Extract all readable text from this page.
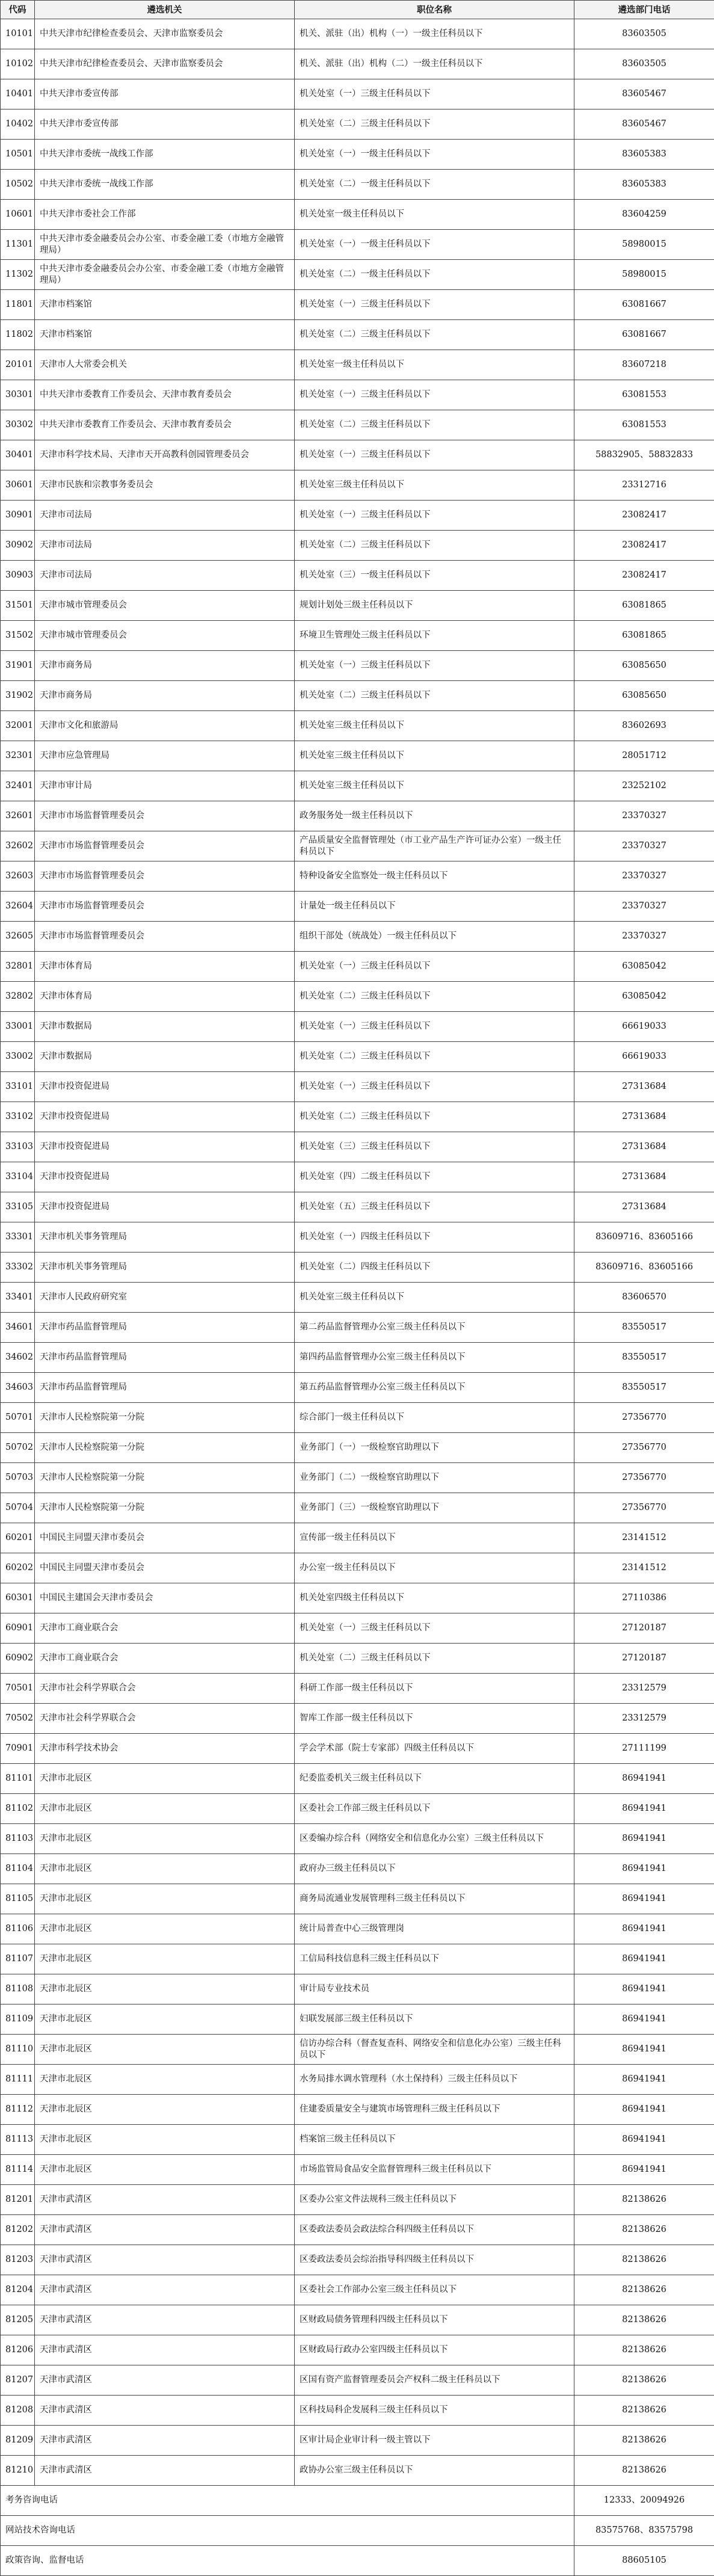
代码	遴选机关	职位名称	遴选部门电话
10101	中共天津市纪律检查委员会、天津市监察委员会	机关、派驻（出）机构（一）一级主任科员以下	83603505
10102	中共天津市纪律检查委员会、天津市监察委员会	机关、派驻（出）机构（二）一级主任科员以下	83603505
10401	中共天津市委宣传部	机关处室（一）三级主任科员以下	83605467
10402	中共天津市委宣传部	机关处室（二）三级主任科员以下	83605467
10501	中共天津市委统一战线工作部	机关处室（一）一级主任科员以下	83605383
10502	中共天津市委统一战线工作部	机关处室（二）一级主任科员以下	83605383
10601	中共天津市委社会工作部	机关处室一级主任科员以下	83604259
11301	中共天津市委金融委员会办公室、市委金融工委（市地方金融管理局）	机关处室（一）一级主任科员以下	58980015
11302	中共天津市委金融委员会办公室、市委金融工委（市地方金融管理局）	机关处室（二）一级主任科员以下	58980015
11801	天津市档案馆	机关处室（一）三级主任科员以下	63081667
11802	天津市档案馆	机关处室（二）三级主任科员以下	63081667
20101	天津市人大常委会机关	机关处室一级主任科员以下	83607218
30301	中共天津市委教育工作委员会、天津市教育委员会	机关处室（一）三级主任科员以下	63081553
30302	中共天津市委教育工作委员会、天津市教育委员会	机关处室（二）三级主任科员以下	63081553
30401	天津市科学技术局、天津市天开高教科创园管理委员会	机关处室（一）三级主任科员以下	58832905、58832833
30601	天津市民族和宗教事务委员会	机关处室三级主任科员以下	23312716
30901	天津市司法局	机关处室（一）三级主任科员以下	23082417
30902	天津市司法局	机关处室（二）三级主任科员以下	23082417
30903	天津市司法局	机关处室（三）一级主任科员以下	23082417
31501	天津市城市管理委员会	规划计划处三级主任科员以下	63081865
31502	天津市城市管理委员会	环境卫生管理处三级主任科员以下	63081865
31901	天津市商务局	机关处室（一）三级主任科员以下	63085650
31902	天津市商务局	机关处室（二）三级主任科员以下	63085650
32001	天津市文化和旅游局	机关处室三级主任科员以下	83602693
32301	天津市应急管理局	机关处室三级主任科员以下	28051712
32401	天津市审计局	机关处室三级主任科员以下	23252102
32601	天津市市场监督管理委员会	政务服务处一级主任科员以下	23370327
32602	天津市市场监督管理委员会	产品质量安全监督管理处（市工业产品生产许可证办公室）一级主任科员以下	23370327
32603	天津市市场监督管理委员会	特种设备安全监察处一级主任科员以下	23370327
32604	天津市市场监督管理委员会	计量处一级主任科员以下	23370327
32605	天津市市场监督管理委员会	组织干部处（统战处）一级主任科员以下	23370327
32801	天津市体育局	机关处室（一）三级主任科员以下	63085042
32802	天津市体育局	机关处室（二）三级主任科员以下	63085042
33001	天津市数据局	机关处室（一）三级主任科员以下	66619033
33002	天津市数据局	机关处室（二）三级主任科员以下	66619033
33101	天津市投资促进局	机关处室（一）三级主任科员以下	27313684
33102	天津市投资促进局	机关处室（二）三级主任科员以下	27313684
33103	天津市投资促进局	机关处室（三）三级主任科员以下	27313684
33104	天津市投资促进局	机关处室（四）二级主任科员以下	27313684
33105	天津市投资促进局	机关处室（五）三级主任科员以下	27313684
33301	天津市机关事务管理局	机关处室（一）四级主任科员以下	83609716、83605166
33302	天津市机关事务管理局	机关处室（二）四级主任科员以下	83609716、83605166
33401	天津市人民政府研究室	机关处室三级主任科员以下	83606570
34601	天津市药品监督管理局	第二药品监督管理办公室三级主任科员以下	83550517
34602	天津市药品监督管理局	第四药品监督管理办公室三级主任科员以下	83550517
34603	天津市药品监督管理局	第五药品监督管理办公室三级主任科员以下	83550517
50701	天津市人民检察院第一分院	综合部门一级主任科员以下	27356770
50702	天津市人民检察院第一分院	业务部门（一）一级检察官助理以下	27356770
50703	天津市人民检察院第一分院	业务部门（二）一级检察官助理以下	27356770
50704	天津市人民检察院第一分院	业务部门（三）一级检察官助理以下	27356770
60201	中国民主同盟天津市委员会	宣传部一级主任科员以下	23141512
60202	中国民主同盟天津市委员会	办公室一级主任科员以下	23141512
60301	中国民主建国会天津市委员会	机关处室四级主任科员以下	27110386
60901	天津市工商业联合会	机关处室（一）三级主任科员以下	27120187
60902	天津市工商业联合会	机关处室（二）三级主任科员以下	27120187
70501	天津市社会科学界联合会	科研工作部一级主任科员以下	23312579
70502	天津市社会科学界联合会	智库工作部一级主任科员以下	23312579
70901	天津市科学技术协会	学会学术部（院士专家部）四级主任科员以下	27111199
81101	天津市北辰区	纪委监委机关三级主任科员以下	86941941
81102	天津市北辰区	区委社会工作部三级主任科员以下	86941941
81103	天津市北辰区	区委编办综合科（网络安全和信息化办公室）三级主任科员以下	86941941
81104	天津市北辰区	政府办三级主任科员以下	86941941
81105	天津市北辰区	商务局流通业发展管理科三级主任科员以下	86941941
81106	天津市北辰区	统计局普查中心三级管理岗	86941941
81107	天津市北辰区	工信局科技信息科三级主任科员以下	86941941
81108	天津市北辰区	审计局专业技术员	86941941
81109	天津市北辰区	妇联发展部三级主任科员以下	86941941
81110	天津市北辰区	信访办综合科（督查复查科、网络安全和信息化办公室）三级主任科员以下	86941941
81111	天津市北辰区	水务局排水调水管理科（水土保持科）三级主任科员以下	86941941
81112	天津市北辰区	住建委质量安全与建筑市场管理科三级主任科员以下	86941941
81113	天津市北辰区	档案馆三级主任科员以下	86941941
81114	天津市北辰区	市场监管局食品安全监督管理科三级主任科员以下	86941941
81201	天津市武清区	区委办公室文件法规科三级主任科员以下	82138626
81202	天津市武清区	区委政法委员会政法综合科四级主任科员以下	82138626
81203	天津市武清区	区委政法委员会综治指导科四级主任科员以下	82138626
81204	天津市武清区	区委社会工作部办公室三级主任科员以下	82138626
81205	天津市武清区	区财政局债务管理科四级主任科员以下	82138626
81206	天津市武清区	区财政局行政办公室四级主任科员以下	82138626
81207	天津市武清区	区国有资产监督管理委员会产权科二级主任科员以下	82138626
81208	天津市武清区	区科技局科企发展科三级主任科员以下	82138626
81209	天津市武清区	区审计局企业审计科一级主管以下	82138626
81210	天津市武清区	政协办公室三级主任科员以下	82138626
考务咨询电话			12333、20094926
网站技术咨询电话			83575768、83575798
政策咨询、监督电话			88605105
